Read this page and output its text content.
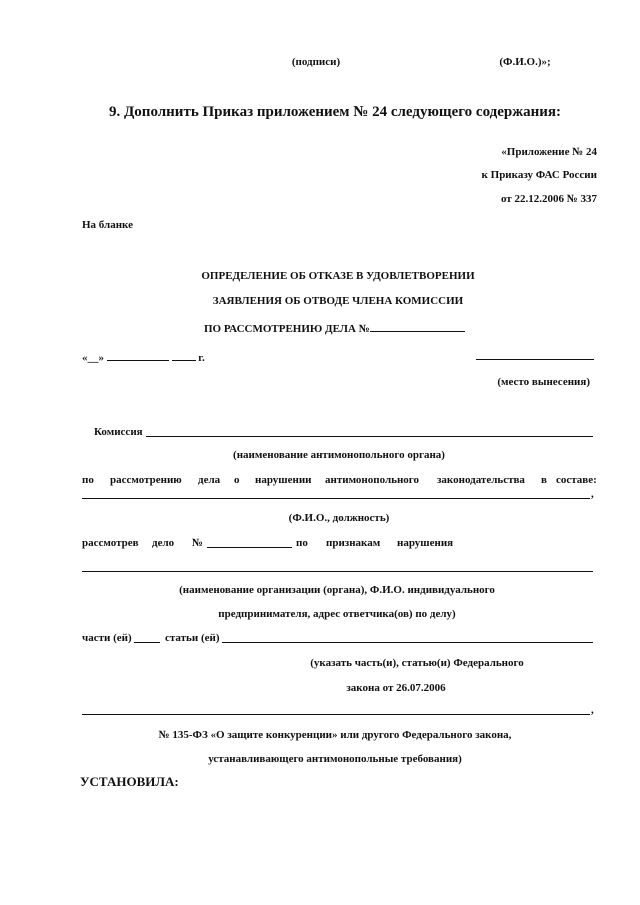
(подписи)	(Ф.И.О.)»;
9. Дополнить Приказ приложением № 24 следующего содержания:
«Приложение № 24
к Приказу ФАС России
от 22.12.2006 № 337
На бланке
ОПРЕДЕЛЕНИЕ ОБ ОТКАЗЕ В УДОВЛЕТВОРЕНИИ
ЗАЯВЛЕНИЯ ОБ ОТВОДЕ ЧЛЕНА КОМИССИИ
ПО РАССМОТРЕНИЮ ДЕЛА №
«__»	г.
(место вынесения)
Комиссия
(наименование антимонопольного органа)
по рассмотрению дела о нарушении антимонопольного законодательства в составе:
,
(Ф.И.О., должность)
рассмотрев дело №	по признакам нарушения
(наименование организации (органа), Ф.И.О. индивидуального
предпринимателя, адрес ответчика(ов) по делу)
части (ей)	статьи (ей)
(указать часть(и), статью(и) Федерального
закона от 26.07.2006
,
№ 135-ФЗ «О защите конкуренции» или другого Федерального закона,
устанавливающего антимонопольные требования)
УСТАНОВИЛА:
